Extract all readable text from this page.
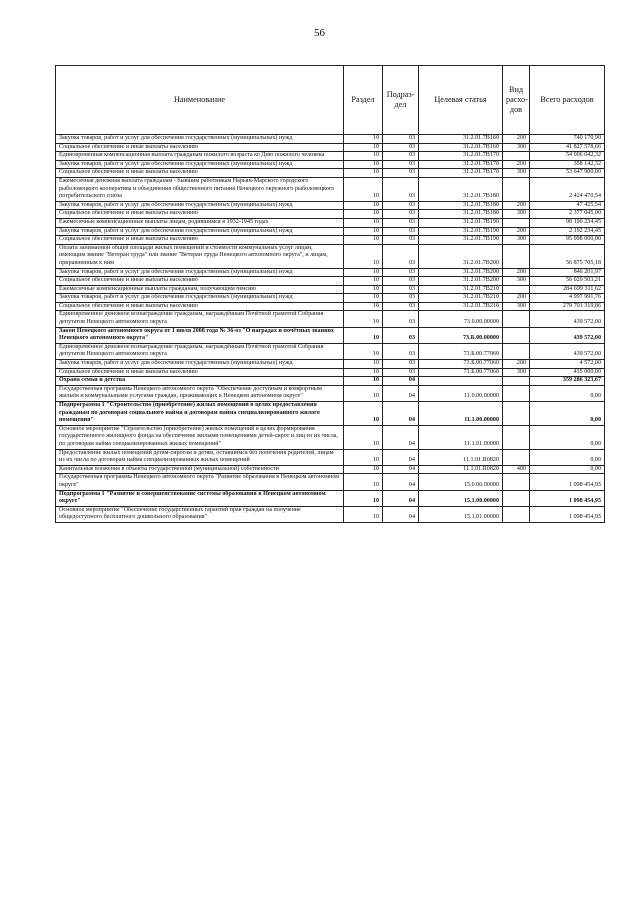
56
Наименование	Раздел	Подраз-дел	Целевая статья	Вид расхо-дов	Всего расходов
Закупка товаров, работ и услуг для обеспечения государственных (муниципальных) нужд	10	03	31.2.01.7В160	200	740 170,90
Социальное обеспечение и иные выплаты населению	10	03	31.2.01.7В160	300	41 827 578,66
Единовременная компенсационная выплата гражданам пожилого возраста ко Дню пожилого человека	10	03	31.2.01.7В170		54 006 042,32
Закупка товаров, работ и услуг для обеспечения государственных (муниципальных) нужд	10	03	31.2.01.7В170	200	358 142,32
Социальное обеспечение и иные выплаты населению	10	03	31.2.01.7В170	300	53 647 900,00
Ежемесячная денежная выплата гражданам - бывшим работникам Нарьян-Марского городского рыболовецкого кооператива и объединения общественного питания Ненецкого окружного рыболовецкого потребительского союза	10	03	31.2.01.7В180		2 424 470,54
Закупка товаров, работ и услуг для обеспечения государственных (муниципальных) нужд	10	03	31.2.01.7В180	200	47 425,54
Социальное обеспечение и иные выплаты населению	10	03	31.2.01.7В180	300	2 377 045,00
Ежемесячные компенсационные выплаты лицам, родившимся в 1932-1945 годах	10	03	31.2.01.7В190		98 190 234,45
Закупка товаров, работ и услуг для обеспечения государственных (муниципальных) нужд	10	03	31.2.01.7В190	200	2 192 234,45
Социальное обеспечение и иные выплаты населению	10	03	31.2.01.7В190	300	95 998 000,00
Оплата занимаемой общей площади жилых помещений и стоимости коммунальных услуг лицам, имеющим звание "Ветеран труда" или звание "Ветеран труда Ненецкого автономного округа", и лицам, приравненным к ним	10	03	31.2.01.7В200		56 875 705,18
Закупка товаров, работ и услуг для обеспечения государственных (муниципальных) нужд	10	03	31.2.01.7В200	200	846 201,97
Социальное обеспечение и иные выплаты населению	10	03	31.2.01.7В200	300	56 029 503,21
Ежемесячные компенсационные выплаты гражданам, получающим пенсию	10	03	31.2.01.7В210		284 699 311,62
Закупка товаров, работ и услуг для обеспечения государственных (муниципальных) нужд	10	03	31.2.01.7В210	200	4 997 991,76
Социальное обеспечение и иные выплаты населению	10	03	31.2.01.7В210	300	279 701 319,86
Единовременное денежное вознаграждение гражданам, награждённым Почётной грамотой Собрания депутатов Ненецкого автономного округа	10	03	73.0.00.00000		439 572,00
Закон Ненецкого автономного округа от 1 июля 2008 года № 36-оз "О наградах и почётных званиях Ненецкого автономного округа"	10	03	73.Б.00.00000		439 572,00
Единовременное денежное вознаграждение гражданам, награждённым Почётной грамотой Собрания депутатов Ненецкого автономного округа	10	03	73.Б.00.77060		439 572,00
Закупка товаров, работ и услуг для обеспечения государственных (муниципальных) нужд	10	03	73.Б.00.77060	200	4 572,00
Социальное обеспечение и иные выплаты населению	10	03	73.Б.00.77060	300	435 000,00
Охрана семьи и детства	10	04			359 286 323,67
Государственная программа Ненецкого автономного округа "Обеспечение доступным и комфортным жильём и коммунальными услугами граждан, проживающих в Ненецком автономном округе"	10	04	11.0.00.00000		0,00
Подпрограмма 1 "Строительство (приобретение) жилых помещений в целях предоставления гражданам по договорам социального найма и договорам найма специализированного жилого помещения"	10	04	11.1.00.00000		0,00
Основное мероприятие "Строительство (приобретение) жилых помещений в целях формирования государственного жилищного фонда на обеспечение жилыми помещениями детей-сирот и лиц из их числа, по договорам найма специализированных жилых помещений"	10	04	11.1.01.00000		0,00
Предоставление жилых помещений детям-сиротам и детям, оставшимся без попечения родителей, лицам из их числа по договорам найма специализированных жилых помещений	10	04	11.1.01.R0820		0,00
Капитальные вложения в объекты государственной (муниципальной) собственности	10	04	11.1.01.R0820	400	0,00
Государственная программа Ненецкого автономного округа "Развитие образования в Ненецком автономном округе"	10	04	15.0.00.00000		1 098 454,95
Подпрограмма 1 "Развитие и совершенствование системы образования в Ненецком автономном округе"	10	04	15.1.00.00000		1 098 454,95
Основное мероприятие "Обеспечение государственных гарантий прав граждан на получение общедоступного бесплатного дошкольного образования"	10	04	15.1.01.00000		1 098 454,95
